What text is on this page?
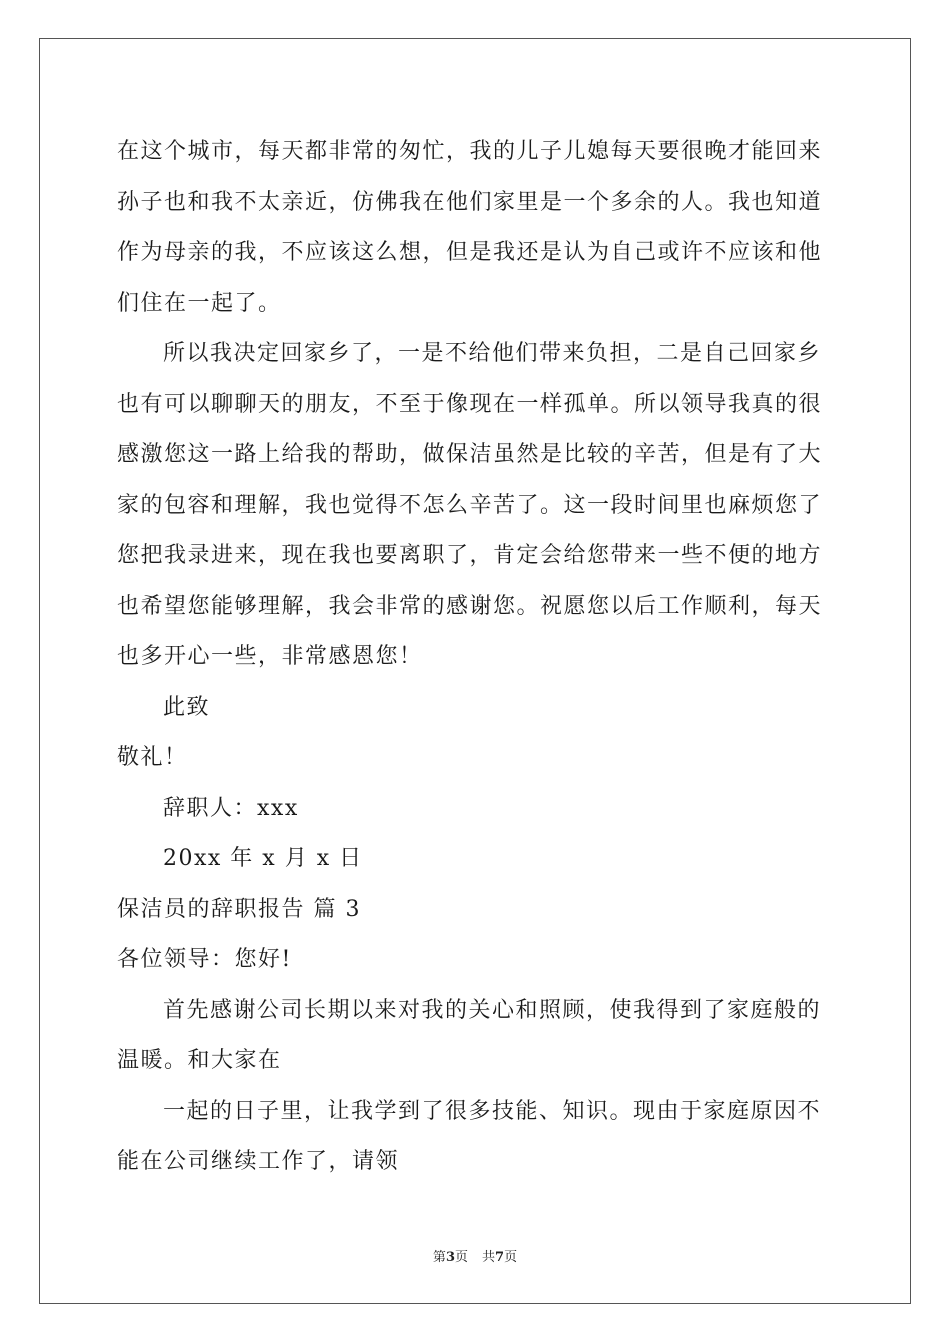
在这个城市，每天都非常的匆忙，我的儿子儿媳每天要很晚才能回来
孙子也和我不太亲近，仿佛我在他们家里是一个多余的人。我也知道
作为母亲的我，不应该这么想，但是我还是认为自己或许不应该和他
们住在一起了。
所以我决定回家乡了，一是不给他们带来负担，二是自己回家乡
也有可以聊聊天的朋友，不至于像现在一样孤单。所以领导我真的很
感激您这一路上给我的帮助，做保洁虽然是比较的辛苦，但是有了大
家的包容和理解，我也觉得不怎么辛苦了。这一段时间里也麻烦您了
您把我录进来，现在我也要离职了，肯定会给您带来一些不便的地方
也希望您能够理解，我会非常的感谢您。祝愿您以后工作顺利，每天
也多开心一些，非常感恩您！
此致
敬礼！
辞职人：xxx
20xx 年 x 月 x 日
保洁员的辞职报告 篇 3
各位领导：您好!
首先感谢公司长期以来对我的关心和照顾，使我得到了家庭般的
温暖。和大家在
一起的日子里，让我学到了很多技能、知识。现由于家庭原因不
能在公司继续工作了，请领
第3页 共7页
